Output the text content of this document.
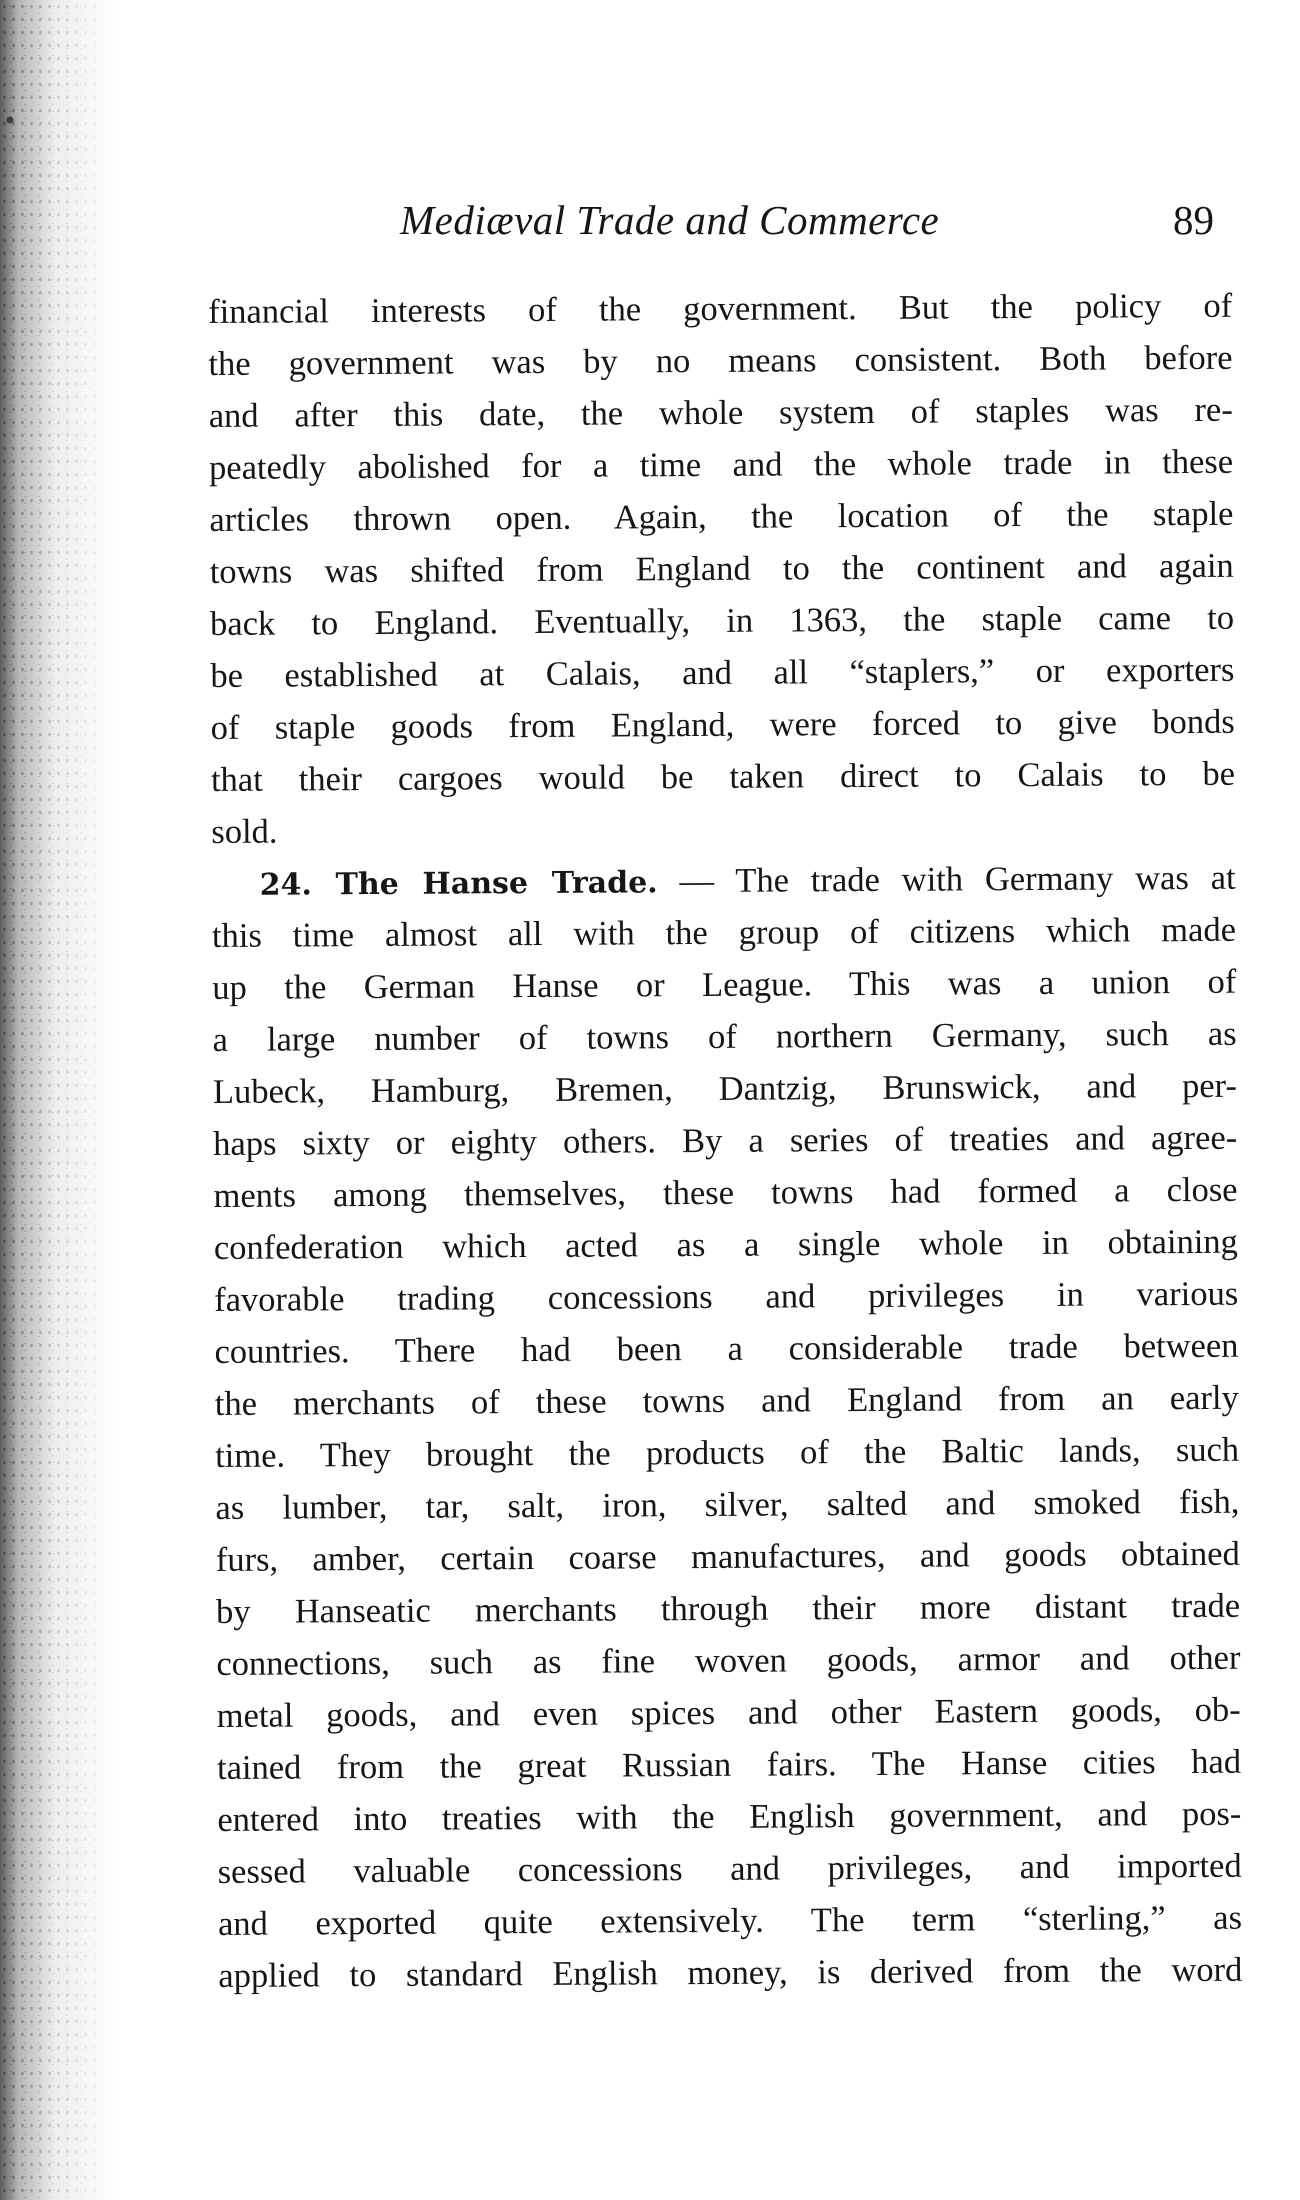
Mediæval Trade and Commerce	89
financial interests of the government. But the policy of
the government was by no means consistent. Both before
and after this date, the whole system of staples was re-
peatedly abolished for a time and the whole trade in these
articles thrown open. Again, the location of the staple
towns was shifted from England to the continent and again
back to England. Eventually, in 1363, the staple came to
be established at Calais, and all “staplers,” or exporters
of staple goods from England, were forced to give bonds
that their cargoes would be taken direct to Calais to be
sold.
24. The Hanse Trade. — The trade with Germany was at
this time almost all with the group of citizens which made
up the German Hanse or League. This was a union of
a large number of towns of northern Germany, such as
Lubeck, Hamburg, Bremen, Dantzig, Brunswick, and per-
haps sixty or eighty others. By a series of treaties and agree-
ments among themselves, these towns had formed a close
confederation which acted as a single whole in obtaining
favorable trading concessions and privileges in various
countries. There had been a considerable trade between
the merchants of these towns and England from an early
time. They brought the products of the Baltic lands, such
as lumber, tar, salt, iron, silver, salted and smoked fish,
furs, amber, certain coarse manufactures, and goods obtained
by Hanseatic merchants through their more distant trade
connections, such as fine woven goods, armor and other
metal goods, and even spices and other Eastern goods, ob-
tained from the great Russian fairs. The Hanse cities had
entered into treaties with the English government, and pos-
sessed valuable concessions and privileges, and imported
and exported quite extensively. The term “sterling,” as
applied to standard English money, is derived from the word
